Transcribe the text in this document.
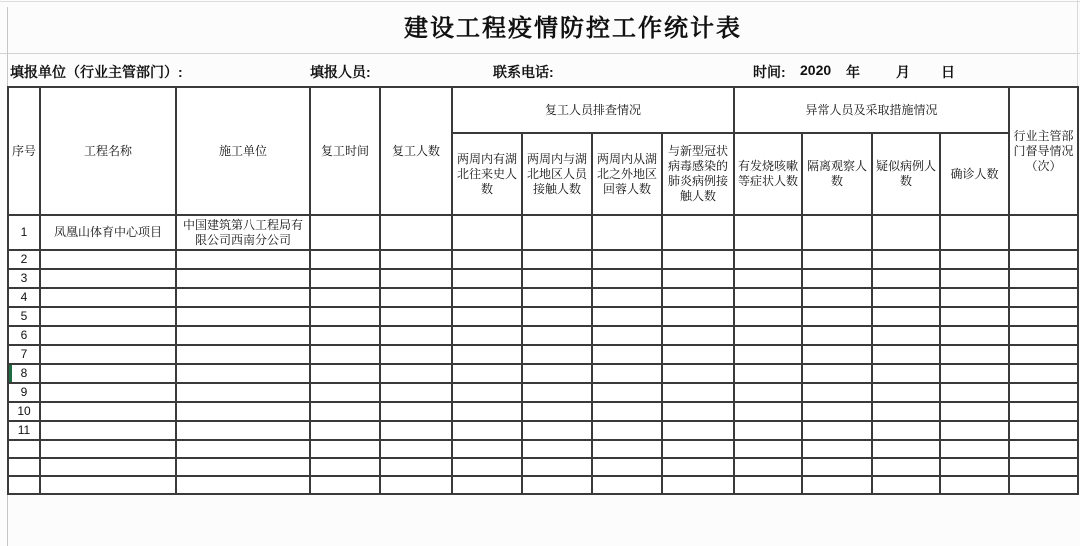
建设工程疫情防控工作统计表
填报单位（行业主管部门）:	填报人员:	联系电话:	时间: 2020 年	月 日
序号	工程名称	施工单位	复工时间	复工人数	复工人员排查情况				异常人员及采取措施情况				行业主管部门督导情况（次）
					两周内有湖北往来史人数	两周内与湖北地区人员接触人数	两周内从湖北之外地区回蓉人数	与新型冠状病毒感染的肺炎病例接触人数	有发烧咳嗽等症状人数	隔离观察人数	疑似病例人数	确诊人数	
1	凤凰山体育中心项目	中国建筑第八工程局有限公司西南分公司											
2													
3													
4													
5													
6													
7													
8													
9													
10													
11													
